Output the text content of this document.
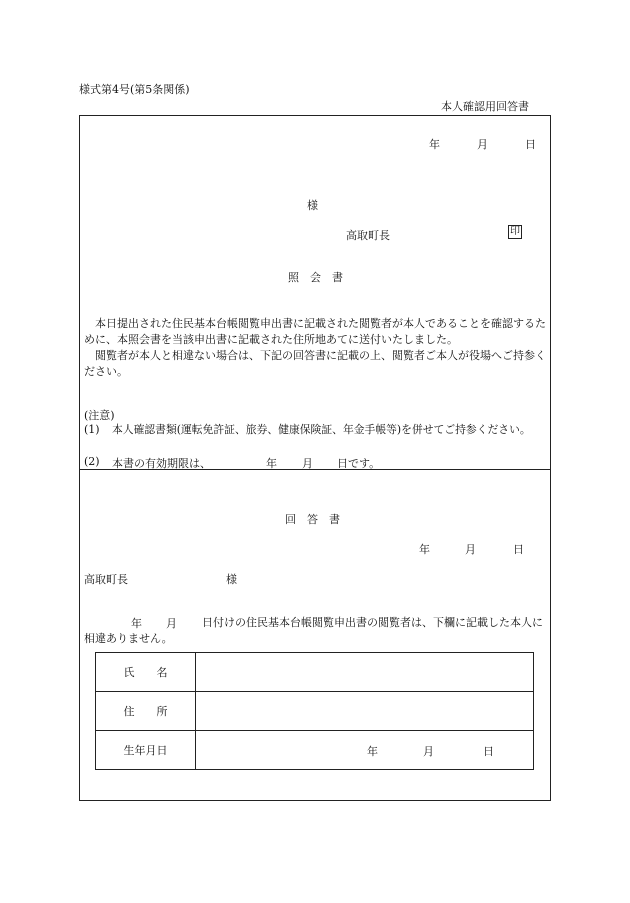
様式第4号(第5条関係)
本人確認用回答書
年	月	日
様
高取町長	印
照　会　書
　本日提出された住民基本台帳閲覧申出書に記載された閲覧者が本人であることを確認するために、本照会書を当該申出書に記載された住所地あてに送付いたしました。
　閲覧者が本人と相違ない場合は、下記の回答書に記載の上、閲覧者ご本人が役場へご持参ください。
(注意)
(1) 本人確認書類(運転免許証、旅券、健康保険証、年金手帳等)を併せてご持参ください。
(2) 本書の有効期限は、	年 月 日です。
回　答　書
年	月	日
高取町長	様
年 月	日付けの住民基本台帳閲覧申出書の閲覧者は、下欄に記載した本人に相違ありません。
氏　　名	
住　　所	
生年月日	年 月 日
